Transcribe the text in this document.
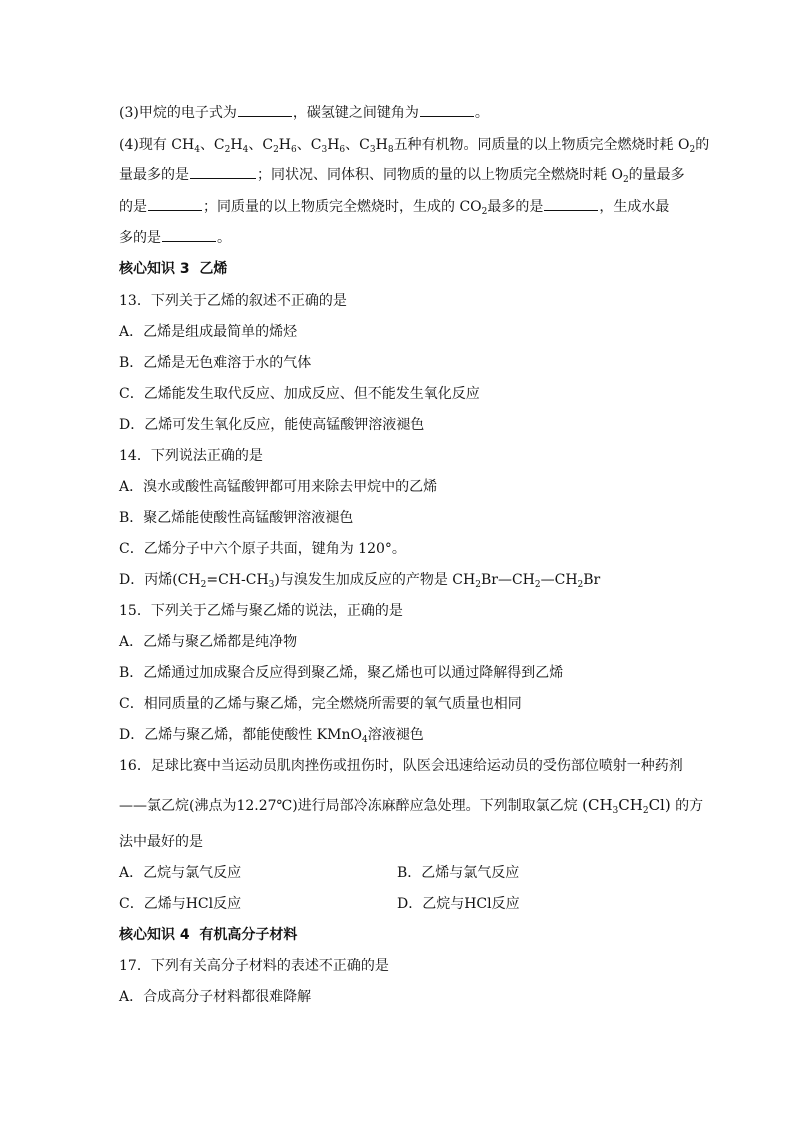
(3)甲烷的电子式为	，碳氢键之间键角为	。
(4)现有 $CH_4$、$C_2H_4$、$C_2H_6$、$C_3H_6$、$C_3H_8$五种有机物。同质量的以上物质完全燃烧时耗 $O_2$的
量最多的是	；同状况、同体积、同物质的量的以上物质完全燃烧时耗 $O_2$的量最多
的是	；同质量的以上物质完全燃烧时，生成的 $CO_2$最多的是	，生成水最
多的是	。
核心知识 3 乙烯
13．下列关于乙烯的叙述不正确的是
A．乙烯是组成最简单的烯烃
B．乙烯是无色难溶于水的气体
C．乙烯能发生取代反应、加成反应、但不能发生氧化反应
D．乙烯可发生氧化反应，能使高锰酸钾溶液褪色
14．下列说法正确的是
A．溴水或酸性高锰酸钾都可用来除去甲烷中的乙烯
B．聚乙烯能使酸性高锰酸钾溶液褪色
C．乙烯分子中六个原子共面，键角为 120°。
D．丙烯$(CH_2=CH-CH_3)$与溴发生加成反应的产物是 $CH_2Br—CH_2—CH_2Br$
15．下列关于乙烯与聚乙烯的说法，正确的是
A．乙烯与聚乙烯都是纯净物
B．乙烯通过加成聚合反应得到聚乙烯，聚乙烯也可以通过降解得到乙烯
C．相同质量的乙烯与聚乙烯，完全燃烧所需要的氧气质量也相同
D．乙烯与聚乙烯，都能使酸性 KMnO$_4$溶液褪色
16．足球比赛中当运动员肌肉挫伤或扭伤时，队医会迅速给运动员的受伤部位喷射一种药剂
——氯乙烷(沸点为12.27℃)进行局部冷冻麻醉应急处理。下列制取氯乙烷 $(CH_3CH_2Cl)$ 的方
法中最好的是
A．乙烷与氯气反应	B．乙烯与氯气反应
C．乙烯与HCl反应	D．乙烷与HCl反应
核心知识 4 有机高分子材料
17．下列有关高分子材料的表述不正确的是
A．合成高分子材料都很难降解
